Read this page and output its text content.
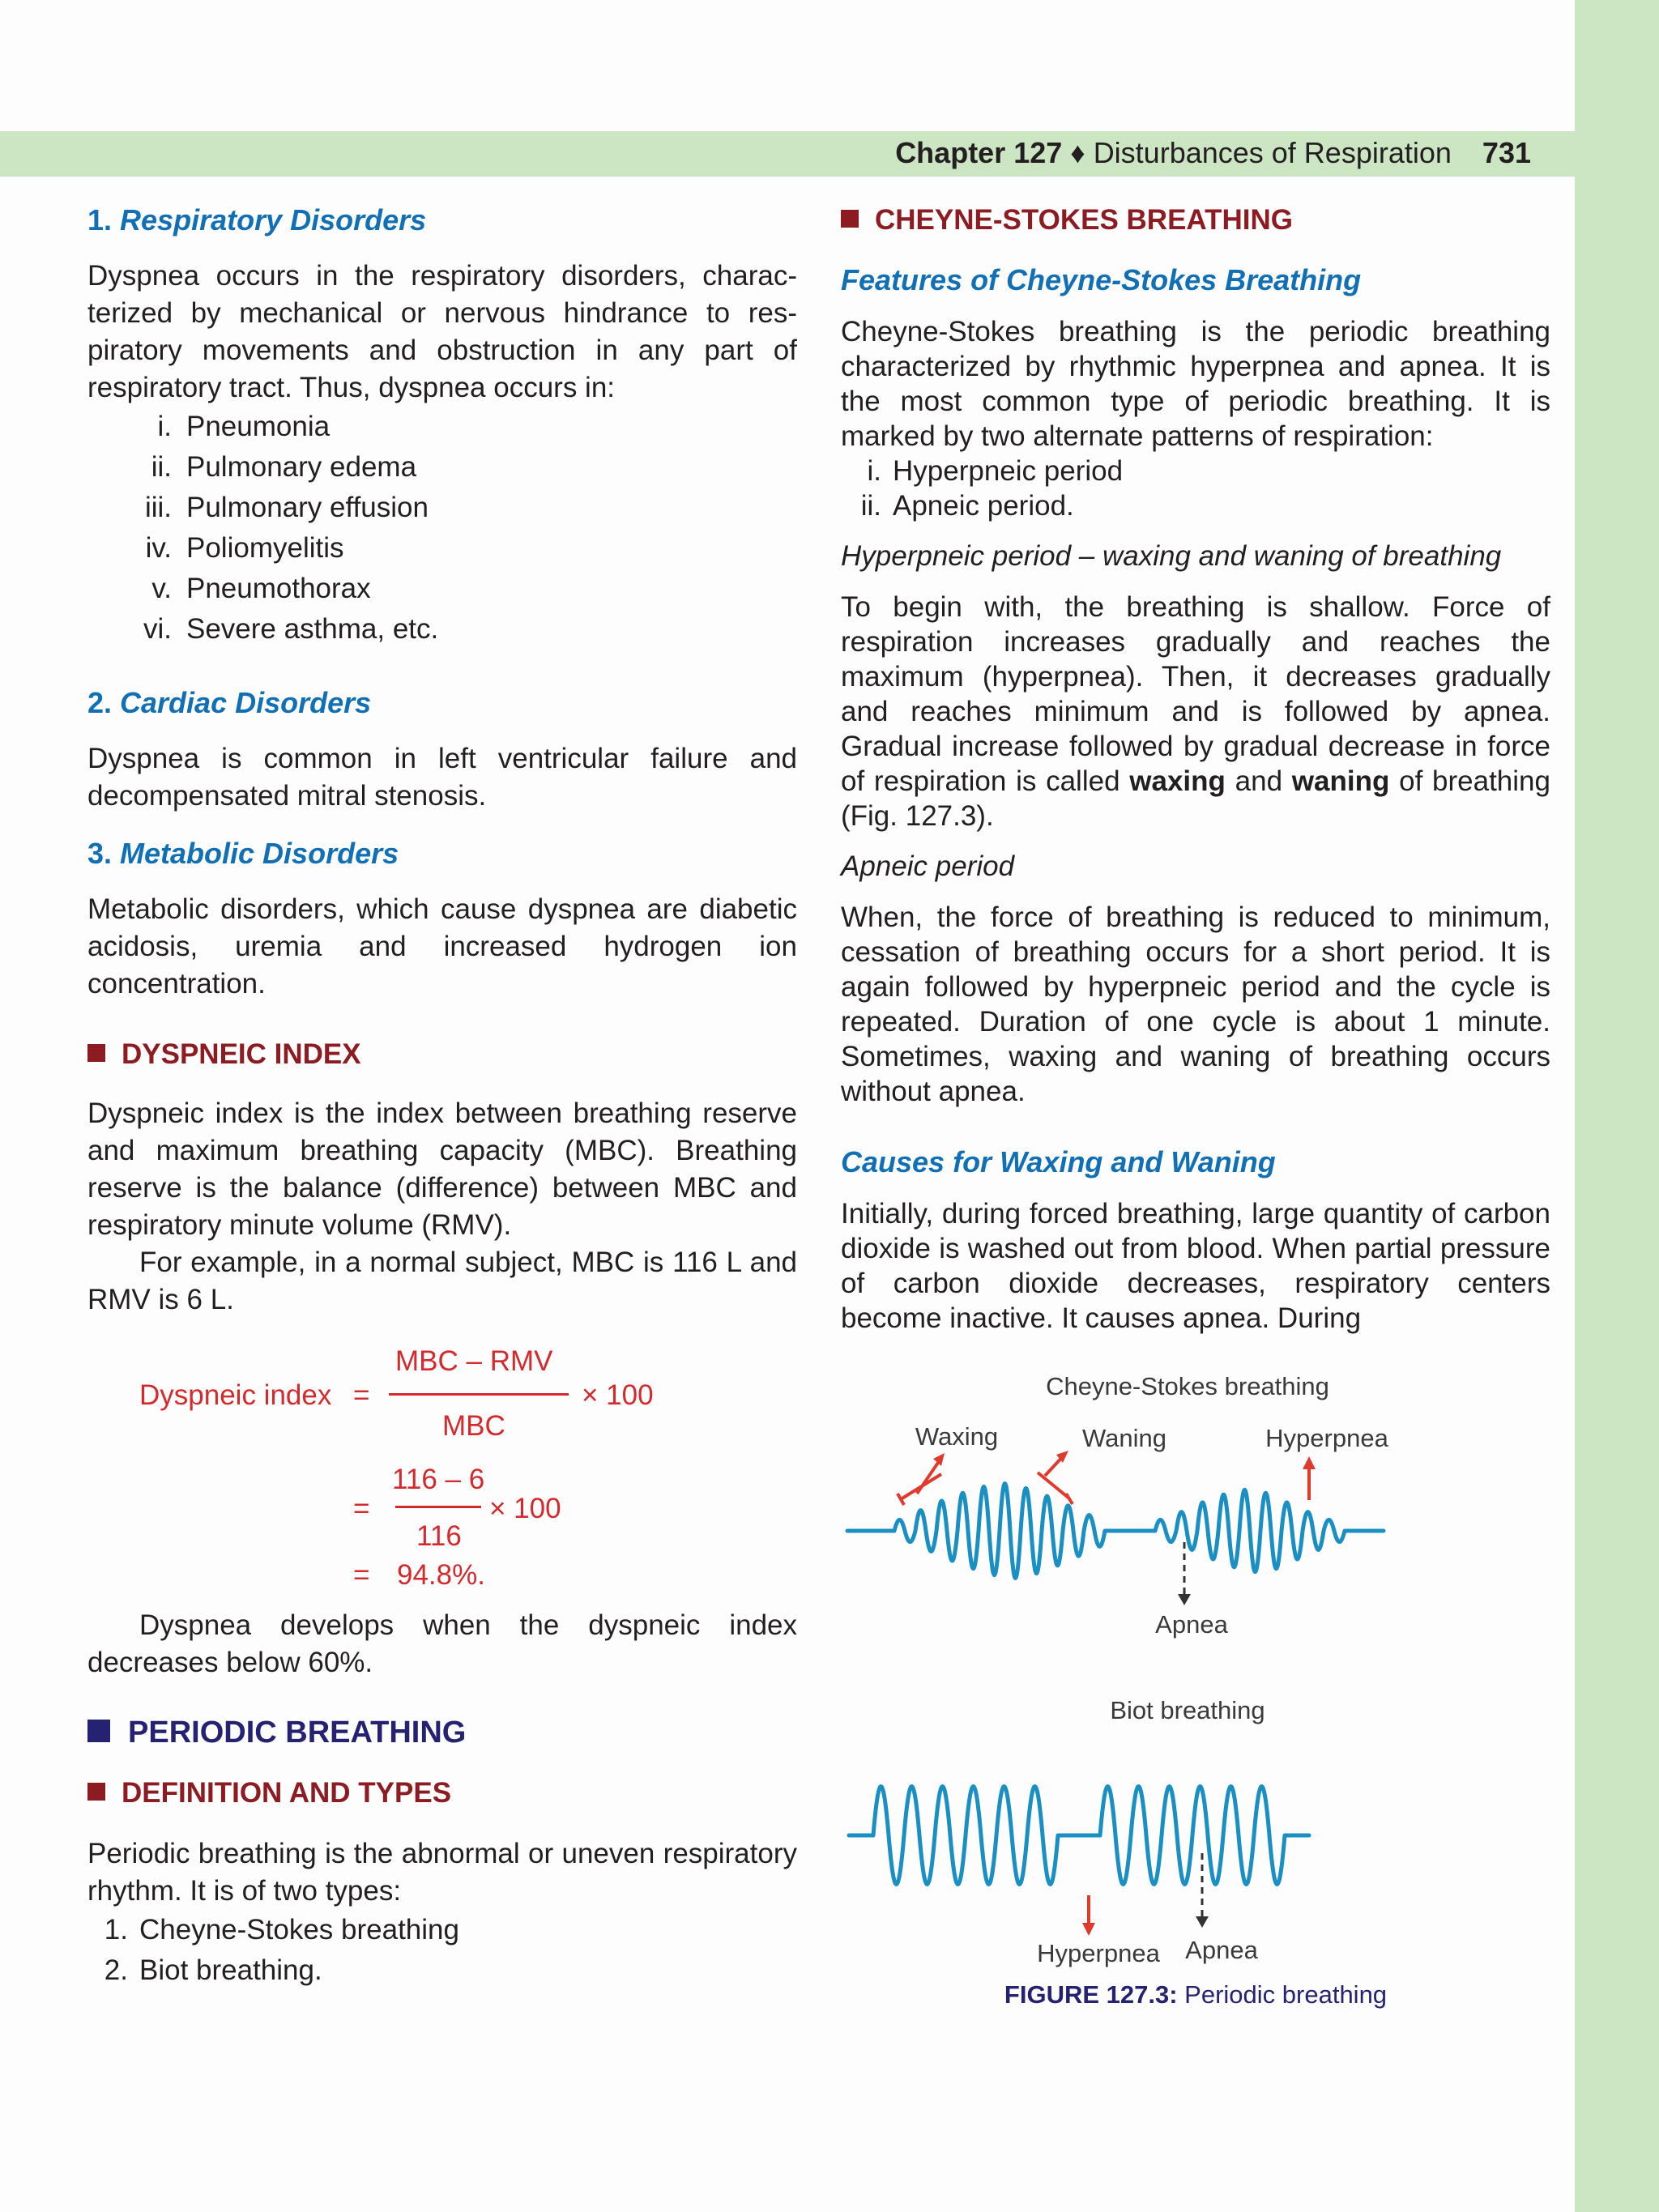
Chapter 127 ♦ Disturbances of Respiration 731
1. Respiratory Disorders

Dyspnea occurs in the respiratory disorders, characterized by mechanical or nervous hindrance to respiratory movements and obstruction in any part of respiratory tract. Thus, dyspnea occurs in:

i. Pneumonia
ii. Pulmonary edema
iii. Pulmonary effusion
iv. Poliomyelitis
v. Pneumothorax
vi. Severe asthma, etc.
2. Cardiac Disorders

Dyspnea is common in left ventricular failure and decompensated mitral stenosis.

3. Metabolic Disorders

Metabolic disorders, which cause dyspnea are diabetic acidosis, uremia and increased hydrogen ion concentration.

DYSPNEIC INDEX

Dyspneic index is the index between breathing reserve and maximum breathing capacity (MBC). Breathing reserve is the balance (difference) between MBC and respiratory minute volume (RMV).

For example, in a normal subject, MBC is 116 L and RMV is 6 L.

Dyspneic index =
MBC – RMV
MBC
× 100
=
116 – 6
116
× 100
= 94.8%.

Dyspnea develops when the dyspneic index decreases below 60%.

PERIODIC BREATHING
DEFINITION AND TYPES

Periodic breathing is the abnormal or uneven respiratory rhythm. It is of two types:

1. Cheyne-Stokes breathing
2. Biot breathing.
CHEYNE-STOKES BREATHING
Features of Cheyne-Stokes Breathing

Cheyne-Stokes breathing is the periodic breathing characterized by rhythmic hyperpnea and apnea. It is the most common type of periodic breathing. It is marked by two alternate patterns of respiration:

i. Hyperpneic period
ii. Apneic period.
Hyperpneic period – waxing and waning of breathing

To begin with, the breathing is shallow. Force of respiration increases gradually and reaches the maximum (hyperpnea). Then, it decreases gradually and reaches minimum and is followed by apnea. Gradual increase followed by gradual decrease in force of respiration is called waxing and waning of breathing (Fig. 127.3).

Apneic period

When, the force of breathing is reduced to minimum, cessation of breathing occurs for a short period. It is again followed by hyperpneic period and the cycle is repeated. Duration of one cycle is about 1 minute. Sometimes, waxing and waning of breathing occurs without apnea.

Causes for Waxing and Waning

Initially, during forced breathing, large quantity of carbon dioxide is washed out from blood. When partial pressure of carbon dioxide decreases, respiratory centers become inactive. It causes apnea. During

Cheyne-Stokes breathing
Waxing	Waning	Hyperpnea
Apnea
Biot breathing
Hyperpnea Apnea
FIGURE 127.3: Periodic breathing
